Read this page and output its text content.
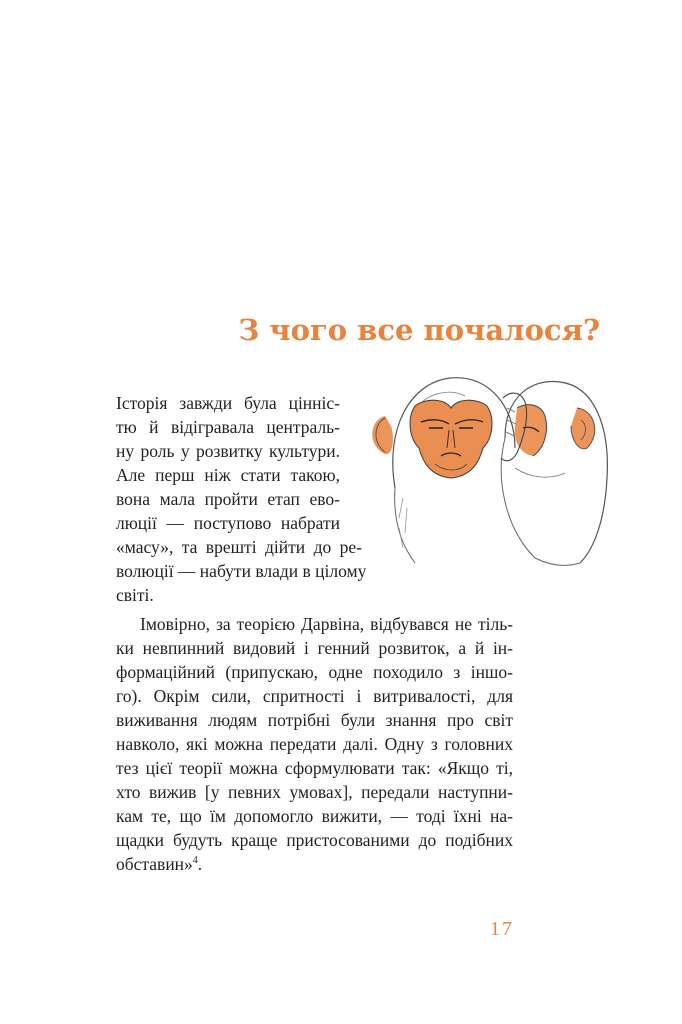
З чого все почалося?
Історія завжди була цінніс-
тю й відігравала централь-
ну роль у розвитку культури.
Але перш ніж стати такою,
вона мала пройти етап ево-
люції — поступово набрати
«масу», та врешті дійти до ре-
волюції — набути влади в цілому
світі.
Імовірно, за теорією Дарвіна, відбувався не тіль-
ки невпинний видовий і генний розвиток, а й ін-
формаційний (припускаю, одне походило з іншо-
го). Окрім сили, спритності і витривалості, для
виживання людям потрібні були знання про світ
навколо, які можна передати далі. Одну з головних
тез цієї теорії можна сформулювати так: «Якщо ті,
хто вижив [у певних умовах], передали наступни-
кам те, що їм допомогло вижити, — тоді їхні на-
щадки будуть краще пристосованими до подібних
обставин»$^4$.
17
